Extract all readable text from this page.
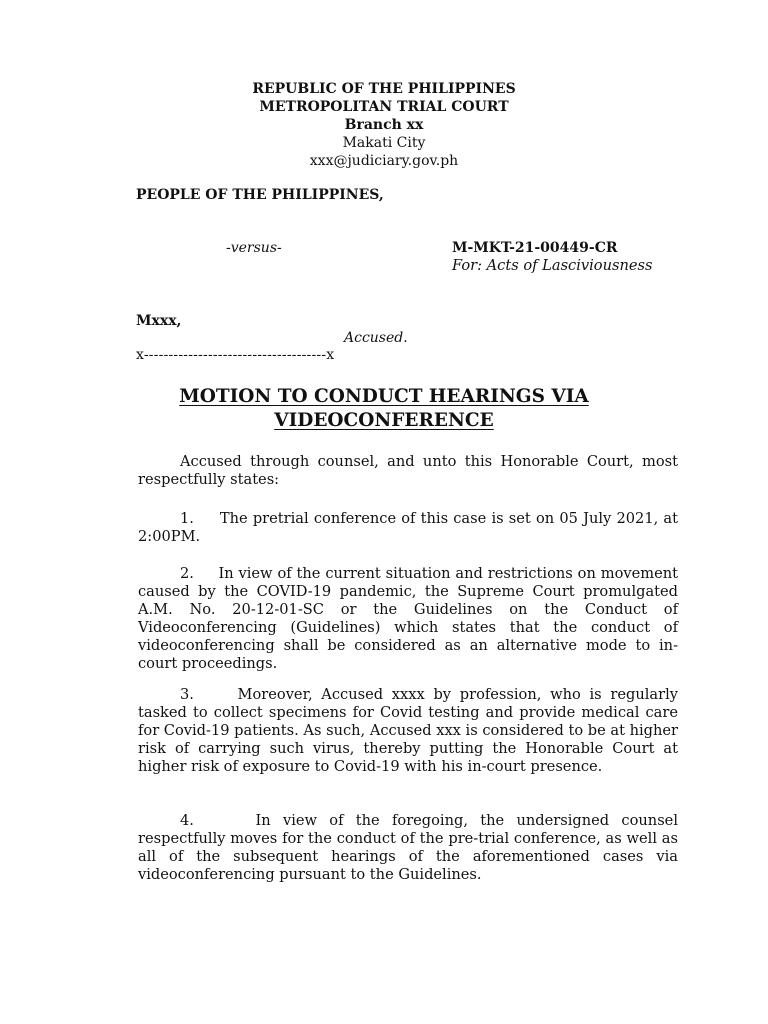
REPUBLIC OF THE PHILIPPINES

METROPOLITAN TRIAL COURT

Branch xx

Makati City

xxx@judiciary.gov.ph

PEOPLE OF THE PHILIPPINES,

-versus-	M-MKT-21-00449-CR

For: Acts of Lasciviousness

Mxxx,

Accused.

x-------------------------------------x

MOTION TO CONDUCT HEARINGS VIA

VIDEOCONFERENCE

Accused through counsel, and unto this Honorable Court, most respectfully states:

1.     The pretrial conference of this case is set on 05 July 2021, at 2:00PM.

2.     In view of the current situation and restrictions on movement caused by the COVID-19 pandemic, the Supreme Court promulgated A.M. No. 20-12-01-SC or the Guidelines on the Conduct of Videoconferencing (Guidelines) which states that the conduct of videoconferencing shall be considered as an alternative mode to in-court proceedings.

3.     Moreover, Accused xxxx by profession, who is regularly tasked to collect specimens for Covid testing and provide medical care for Covid-19 patients. As such, Accused xxx is considered to be at higher risk of carrying such virus, thereby putting the Honorable Court at higher risk of exposure to Covid-19 with his in-court presence.

4.     In view of the foregoing, the undersigned counsel respectfully moves for the conduct of the pre-trial conference, as well as all of the subsequent hearings of the aforementioned cases via videoconferencing pursuant to the Guidelines.
